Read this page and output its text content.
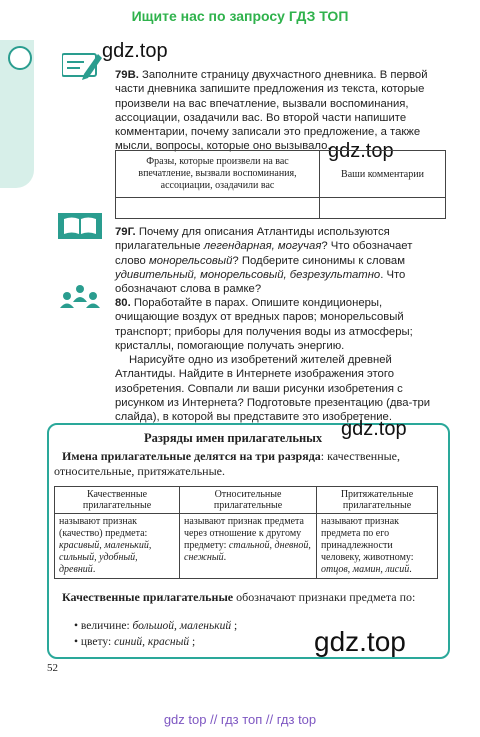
Ищите нас по запросу ГДЗ ТОП
gdz.top
79В. Заполните страницу двухчастного дневника. В первой части дневника запишите предложения из текста, которые произвели на вас впечатление, вызвали воспоминания, ассоциации, озадачили вас. Во второй части напишите комментарии, почему записали это предложение, а также мысли, вопросы, которые оно вызывало.
gdz.top
Фразы, которые произвели на вас впечатление, вызвали воспоминания, ассоциации, озадачили вас	Ваши комментарии

79Г. Почему для описания Атлантиды используются прилагательные легендарная, могучая? Что обозначает слово монорельсовый? Подберите синонимы к словам удивительный, монорельсовый, безрезультатно. Что обозначают слова в рамке?
80. Поработайте в парах. Опишите кондиционеры, очищающие воздух от вредных паров; монорельсовый транспорт; приборы для получения воды из атмосферы; кристаллы, помогающие получать энергию.
Нарисуйте одно из изобретений жителей древней Атлантиды. Найдите в Интернете изображения этого изобретения. Совпали ли ваши рисунки изобретения с рисунком из Интернета? Подготовьте презентацию (два-три слайда), в которой вы представите это изобретение.
Разряды имен прилагательных gdz.top
Имена прилагательные делятся на три разряда: качественные, относительные, притяжательные.
Качественные прилагательные	Относительные прилагательные	Притяжательные прилагательные
называют признак (качество) предмета: красивый, маленький, сильный, удобный, древний.	называют признак предмета через отношение к другому предмету: стальной, дневной, снежный.	называют признак предмета по его принадлежности человеку, животному: отцов, мамин, лисий.
Качественные прилагательные обозначают признаки предмета по:
• величине: большой, маленький ;
• цвету: синий, красный ;	gdz.top
52
gdz top // гдз топ // гдз top
